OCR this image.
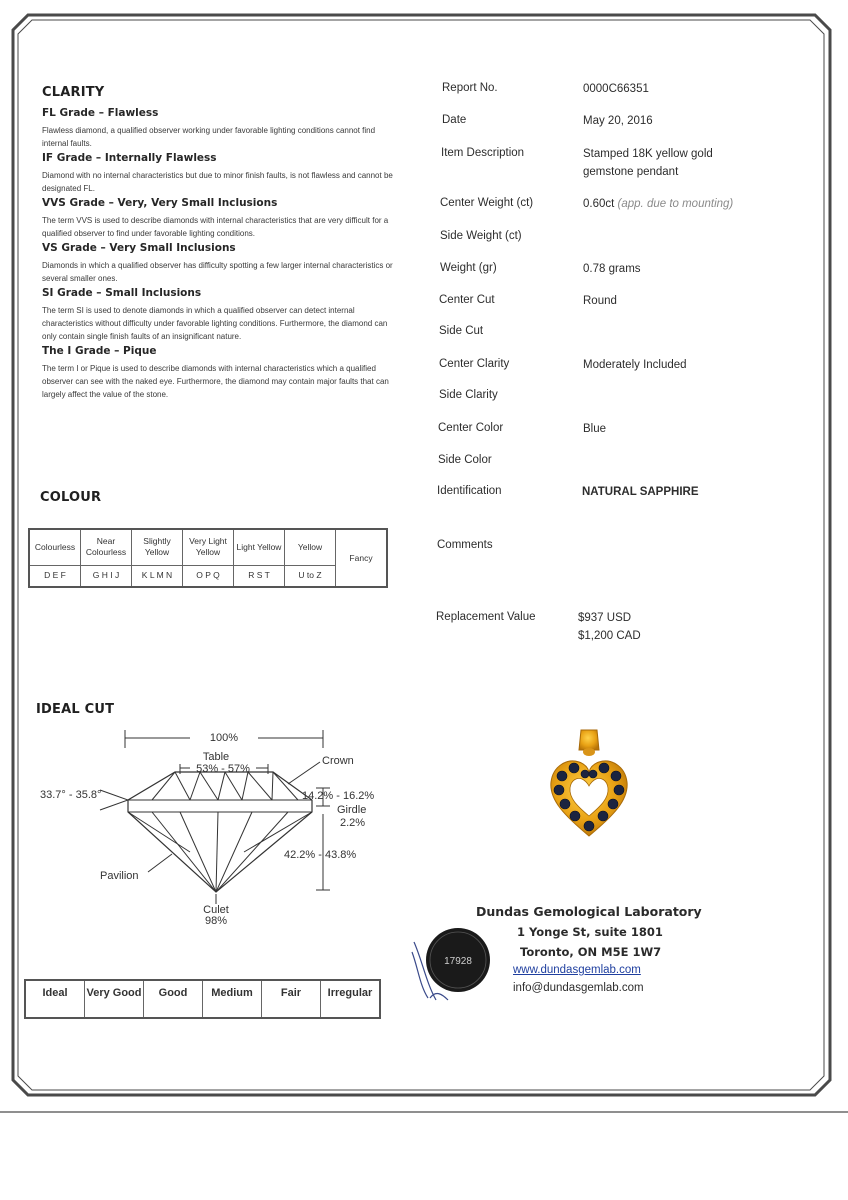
CLARITY
FL Grade – Flawless
Flawless diamond, a qualified observer working under favorable lighting conditions cannot find internal faults.
IF Grade – Internally Flawless
Diamond with no internal characteristics but due to minor finish faults, is not flawless and cannot be designated FL.
VVS Grade – Very, Very Small Inclusions
The term VVS is used to describe diamonds with internal characteristics that are very difficult for a qualified observer to find under favorable lighting conditions.
VS Grade – Very Small Inclusions
Diamonds in which a qualified observer has difficulty spotting a few larger internal characteristics or several smaller ones.
SI Grade – Small Inclusions
The term SI is used to denote diamonds in which a qualified observer can detect internal characteristics without difficulty under favorable lighting conditions. Furthermore, the diamond can only contain single finish faults of an insignificant nature.
The I Grade – Pique
The term I or Pique is used to describe diamonds with internal characteristics which a qualified observer can see with the naked eye. Furthermore, the diamond may contain major faults that can largely affect the value of the stone.
COLOUR
Colourless	Near Colourless	Slightly Yellow	Very Light Yellow	Light Yellow	Yellow	Fancy
D E F	G H I J	K L M N	O P Q	R S T	U to Z	
IDEAL CUT
100%
Table
53% - 57%
Crown
33.7° - 35.8°	14.2% - 16.2%
Girdle
2.2%
42.2% - 43.8%
Pavilion
Culet
98%
Ideal	Very Good	Good	Medium	Fair	Irregular
Report No.	0000C66351
Date	May 20, 2016
Item Description	Stamped 18K yellow gold
gemstone pendant
Center Weight (ct)	0.60ct (app. due to mounting)
Side Weight (ct)
Weight (gr)	0.78 grams
Center Cut	Round
Side Cut
Center Clarity	Moderately Included
Side Clarity
Center Color	Blue
Side Color
Identification	NATURAL SAPPHIRE
Comments
Replacement Value	$937 USD
$1,200 CAD
Dundas Gemological Laboratory
1 Yonge St, suite 1801
Toronto, ON M5E 1W7
www.dundasgemlab.com
info@dundasgemlab.com
17928
